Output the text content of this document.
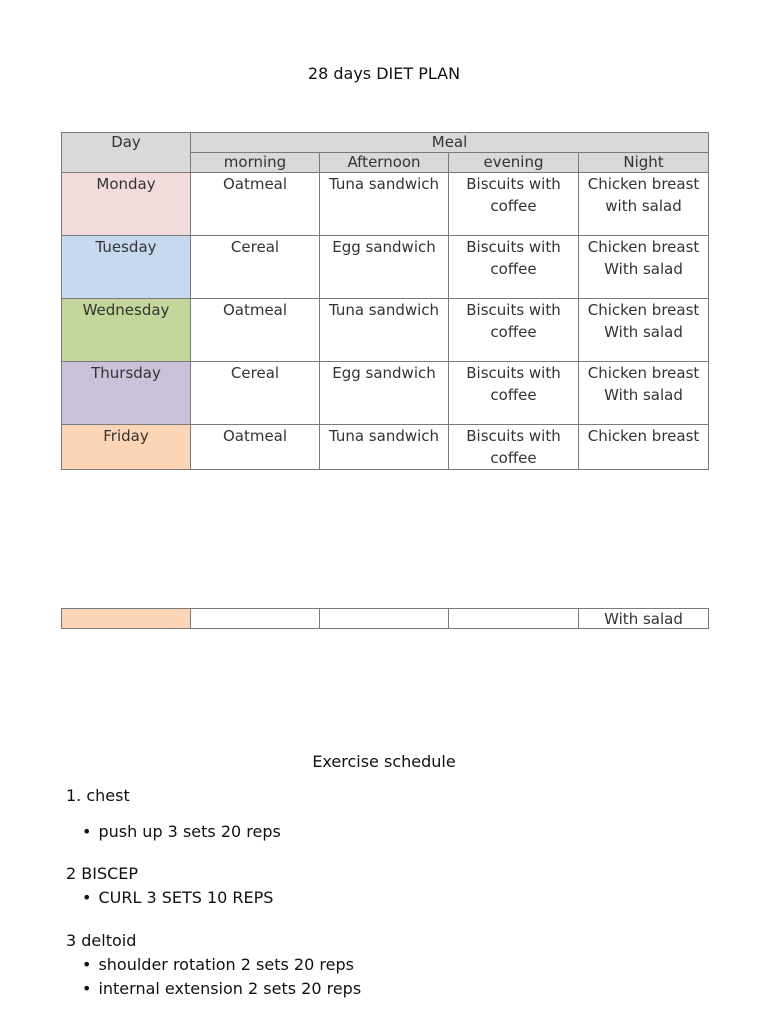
28 days DIET PLAN
Day	Meal			
	morning	Afternoon	evening	Night
Monday	Oatmeal	Tuna sandwich	Biscuits with coffee	Chicken breast with salad
Tuesday	Cereal	Egg sandwich	Biscuits with coffee	Chicken breast With salad
Wednesday	Oatmeal	Tuna sandwich	Biscuits with coffee	Chicken breast With salad
Thursday	Cereal	Egg sandwich	Biscuits with coffee	Chicken breast With salad
Friday	Oatmeal	Tuna sandwich	Biscuits with coffee	Chicken breast
				With salad
Exercise schedule
1. chest
• push up 3 sets 20 reps
2 BISCEP
• CURL 3 SETS 10 REPS
3 deltoid
• shoulder rotation 2 sets 20 reps
• internal extension 2 sets 20 reps
